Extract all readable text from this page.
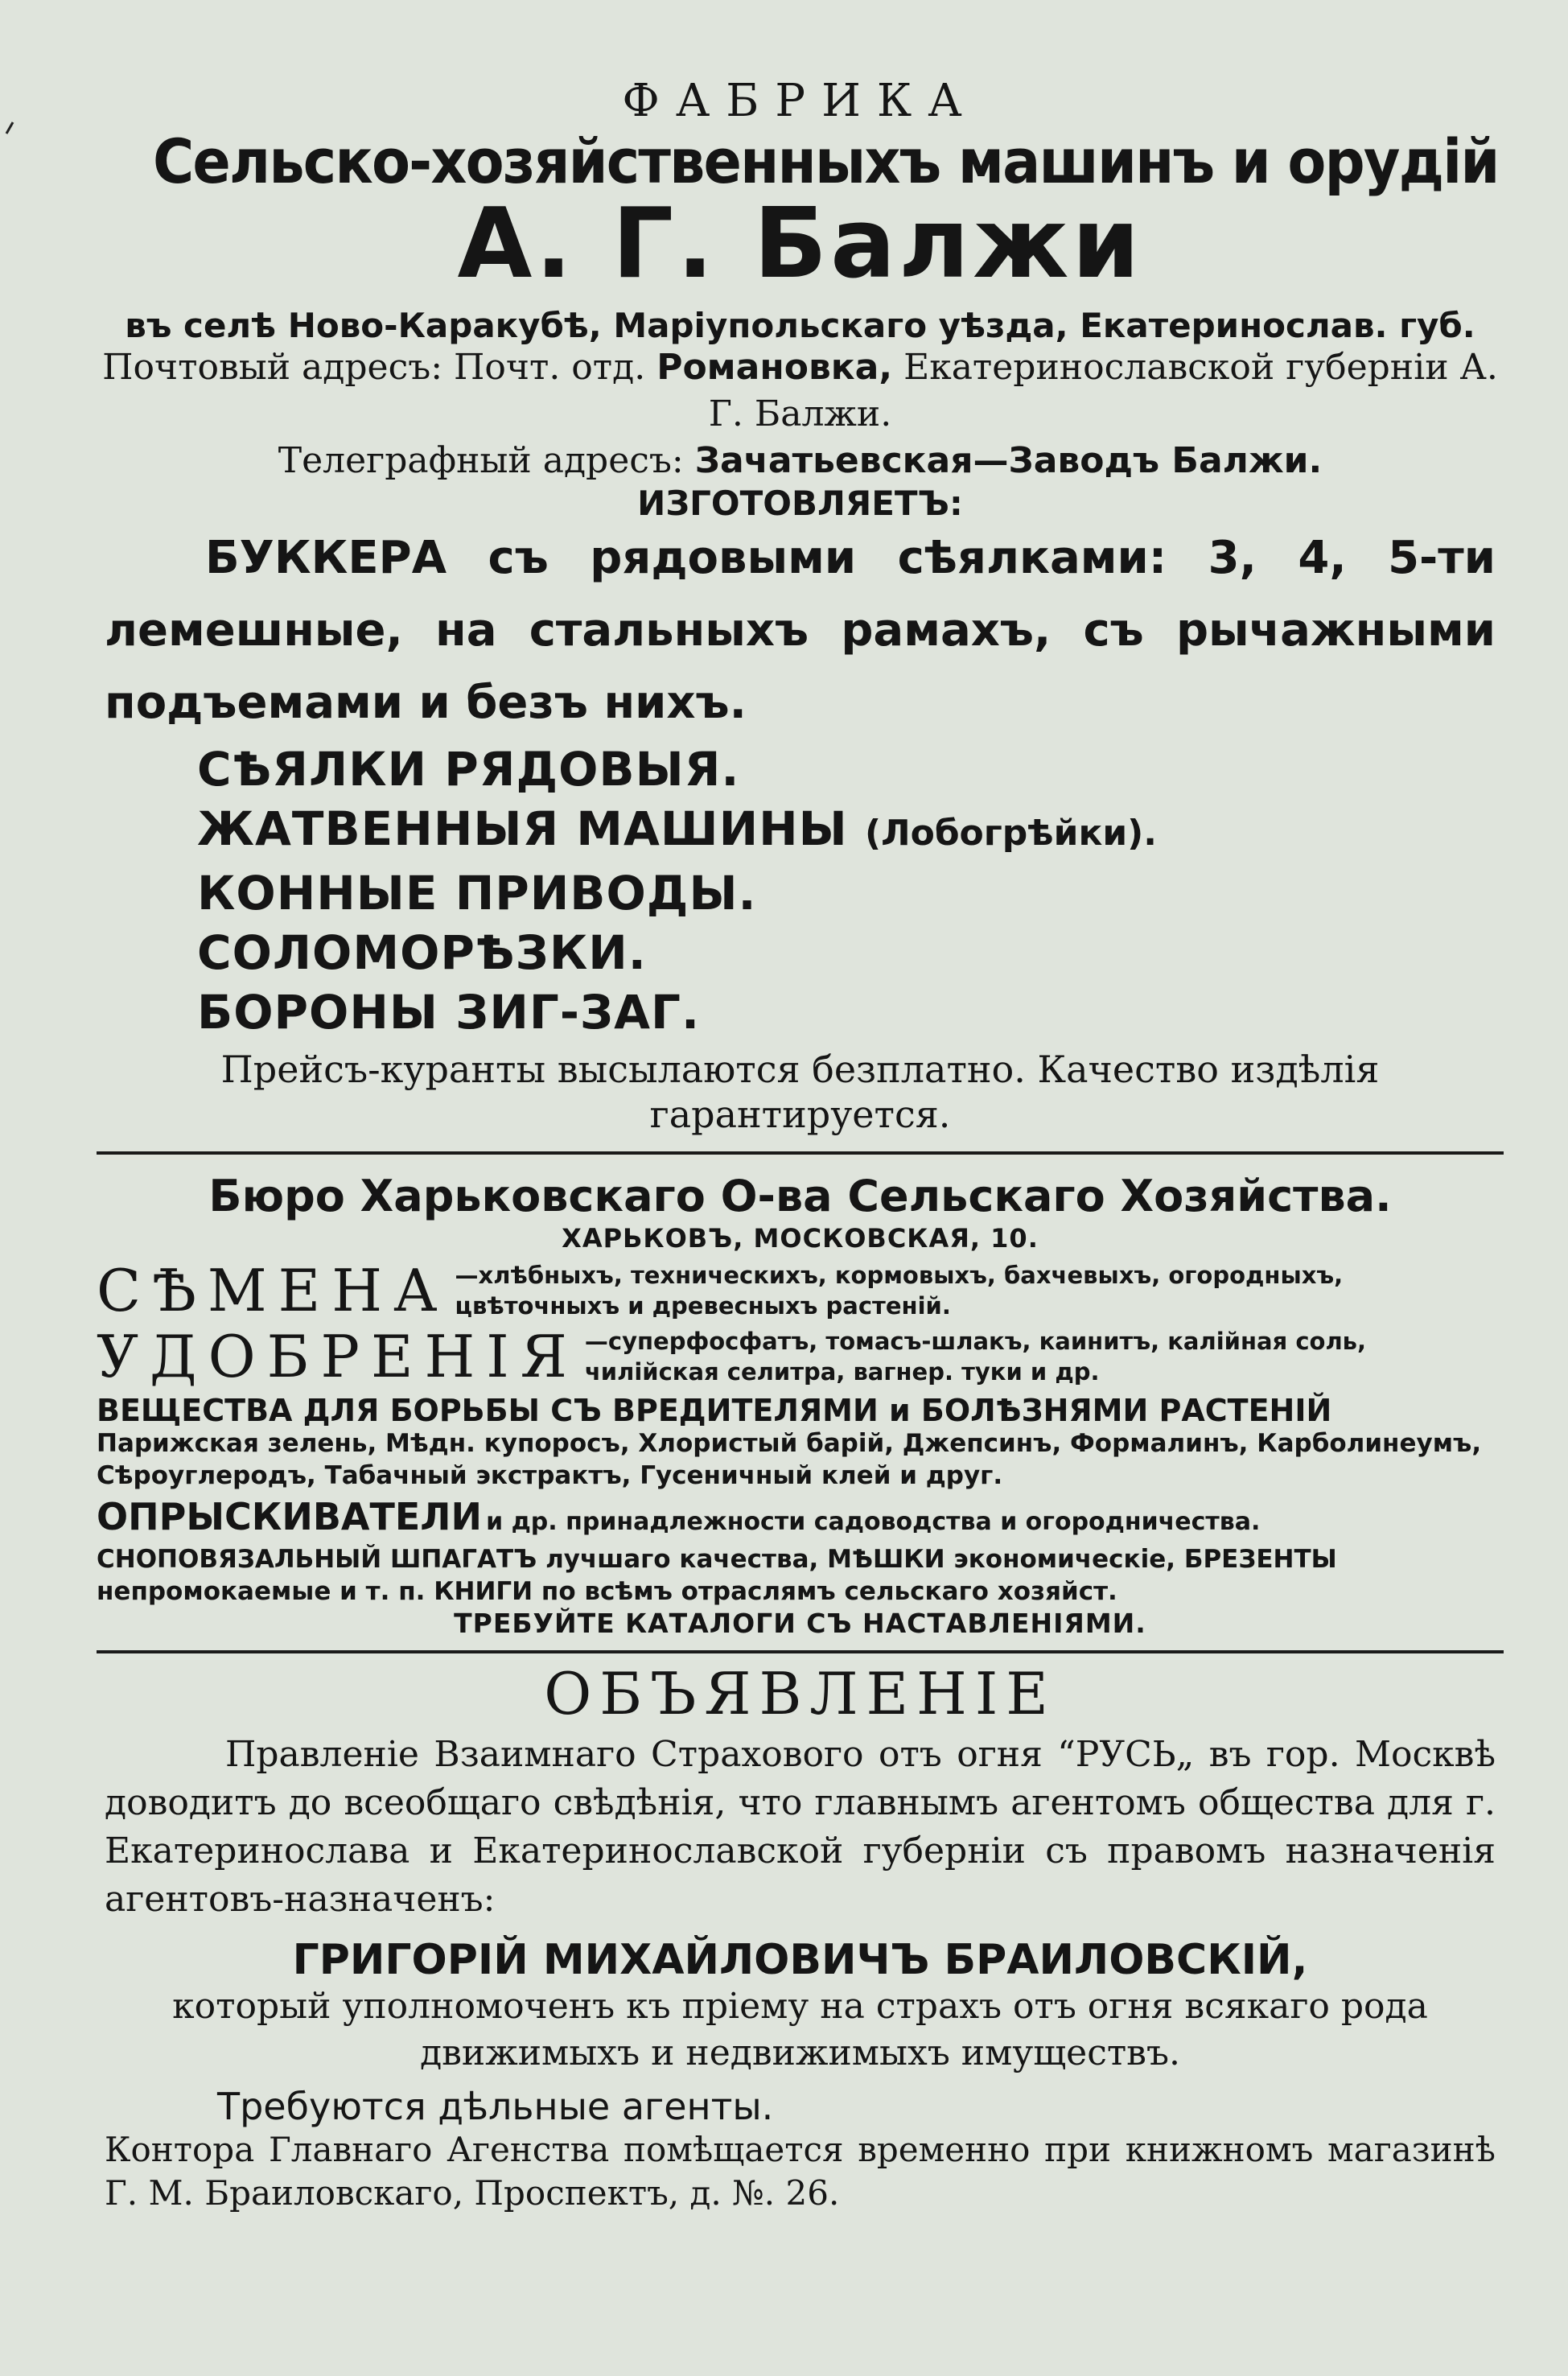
ФАБРИКА

Сельско-хозяйственныхъ машинъ и орудій

А. Г. Балжи

въ селѣ Ново-Каракубѣ, Маріупольскаго уѣзда, Екатеринослав. губ.

Почтовый адресъ: Почт. отд. Романовка, Екатеринославской губерніи А. Г. Балжи.

Телеграфный адресъ: Зачатьевская—Заводъ Балжи.

ИЗГОТОВЛЯЕТЪ:

БУККЕРА съ рядовыми сѣялками: 3, 4, 5-ти лемешные, на стальныхъ рамахъ, съ рычажными подъемами и безъ нихъ.

СѢЯЛКИ РЯДОВЫЯ.
ЖАТВЕННЫЯ МАШИНЫ (Лобогрѣйки).
КОННЫЕ ПРИВОДЫ.
СОЛОМОРѢЗКИ.
БОРОНЫ ЗИГ-ЗАГ.

Прейсъ-куранты высылаются безплатно. Качество издѣлія гарантируется.

Бюро Харьковскаго О-ва Сельскаго Хозяйства.

ХАРЬКОВЪ, МОСКОВСКАЯ, 10.

СѢМЕНА —хлѣбныхъ, техническихъ, кормовыхъ, бахчевыхъ, огородныхъ, цвѣточныхъ и древесныхъ растеній.
УДОБРЕНІЯ —суперфосфатъ, томасъ-шлакъ, каинитъ, калійная соль, чилійская селитра, вагнер. туки и др.

ВЕЩЕСТВА ДЛЯ БОРЬБЫ СЪ ВРЕДИТЕЛЯМИ и БОЛѢЗНЯМИ РАСТЕНІЙ

Парижская зелень, Мѣдн. купоросъ, Хлористый барій, Джепсинъ, Формалинъ, Карболинеумъ, Сѣроуглеродъ, Табачный экстрактъ, Гусеничный клей и друг.

ОПРЫСКИВАТЕЛИ и др. принадлежности садоводства и огородничества.

СНОПОВЯЗАЛЬНЫЙ ШПАГАТЪ лучшаго качества, МѢШКИ экономическіе, БРЕЗЕНТЫ непромокаемые и т. п. КНИГИ по всѣмъ отраслямъ сельскаго хозяйст.

ТРЕБУЙТЕ КАТАЛОГИ СЪ НАСТАВЛЕНІЯМИ.

ОБЪЯВЛЕНІЕ

Правленіе Взаимнаго Страхового отъ огня “РУСЬ„ въ гор. Москвѣ доводитъ до всеобщаго свѣдѣнія, что главнымъ агентомъ общества для г. Екатеринослава и Екатеринославской губерніи съ правомъ назначенія агентовъ-назначенъ:

ГРИГОРІЙ МИХАЙЛОВИЧЪ БРАИЛОВСКІЙ,

который уполномоченъ къ пріему на страхъ отъ огня всякаго рода движимыхъ и недвижимыхъ имуществъ.

Требуются дѣльные агенты.

Контора Главнаго Агенства помѣщается временно при книжномъ магазинѣ Г. М. Браиловскаго, Проспектъ, д. №. 26.
